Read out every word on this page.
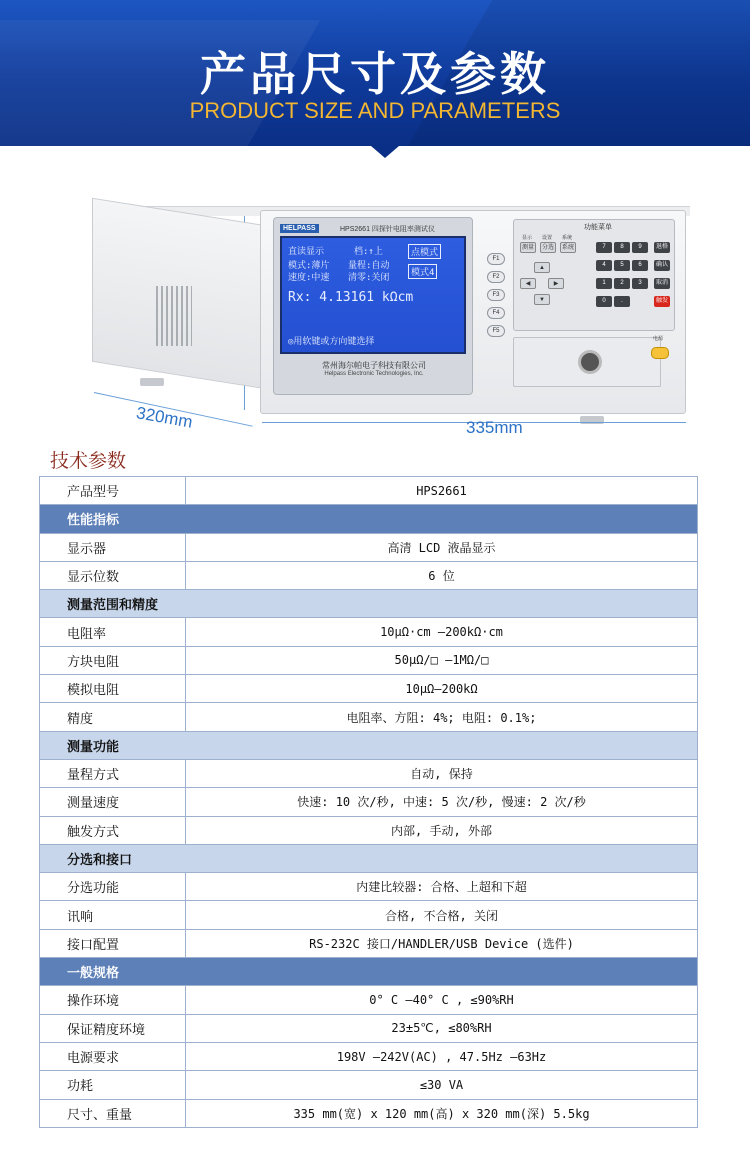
产品尺寸及参数
PRODUCT SIZE AND PARAMETERS
320mm	335mm
HELPASS	HPS2661 四探针电阻率测试仪
直读显示	档:↑上	点模式
模式:薄片 量程:自动
速度:中速 清零:关闭	模式4
Rx: 4.13161 kΩcm
◎用软键或方向键选择
常州海尔帕电子科技有限公司
Helpass Electronic Technologies, Inc.
F1
F2
F3
F4
F5
功能菜单
显示 设置 系统
测量	分选	系统
▲
◀	▶
▼
7	8	9
4	5	6
1	2	3
0	.
退格
确认
取消
触发
电源
技术参数
产品型号	HPS2661
性能指标	
显示器	高清 LCD 液晶显示
显示位数	6 位
测量范围和精度	
电阻率	10μΩ·cm —200kΩ·cm
方块电阻	50μΩ/□ —1MΩ/□
模拟电阻	10μΩ—200kΩ
精度	电阻率、方阻: 4%; 电阻: 0.1%;
测量功能	
量程方式	自动, 保持
测量速度	快速: 10 次/秒, 中速: 5 次/秒, 慢速: 2 次/秒
触发方式	内部, 手动, 外部
分选和接口	
分选功能	内建比较器: 合格、上超和下超
讯响	合格, 不合格, 关闭
接口配置	RS-232C 接口/HANDLER/USB Device (选件)
一般规格	
操作环境	0° C —40° C , ≤90%RH
保证精度环境	23±5℃, ≤80%RH
电源要求	198V —242V(AC) , 47.5Hz —63Hz
功耗	≤30 VA
尺寸、重量	335 mm(宽) x 120 mm(高) x 320 mm(深) 5.5kg
